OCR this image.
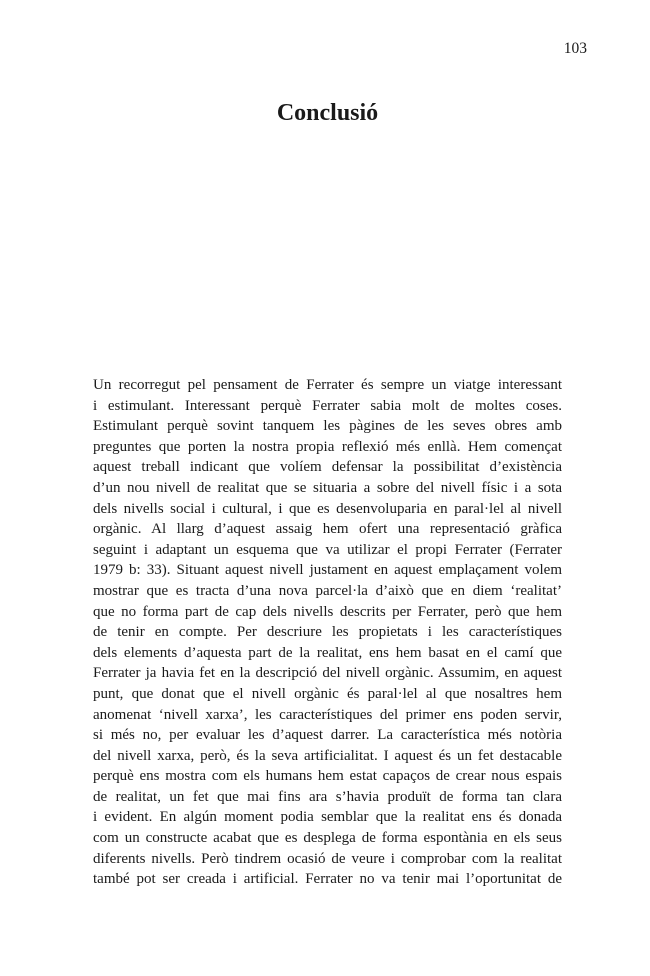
103
Conclusió
Un recorregut pel pensament de Ferrater és sempre un viatge interessant
i estimulant. Interessant perquè Ferrater sabia molt de moltes coses.
Estimulant perquè sovint tanquem les pàgines de les seves obres amb
preguntes que porten la nostra propia reflexió més enllà. Hem començat
aquest treball indicant que volíem defensar la possibilitat d’existència
d’un nou nivell de realitat que se situaria a sobre del nivell físic i a sota
dels nivells social i cultural, i que es desenvoluparia en paral·lel al nivell
orgànic. Al llarg d’aquest assaig hem ofert una representació gràfica
seguint i adaptant un esquema que va utilizar el propi Ferrater (Ferrater
1979 b: 33). Situant aquest nivell justament en aquest emplaçament volem
mostrar que es tracta d’una nova parcel·la d’això que en diem ‘realitat’
que no forma part de cap dels nivells descrits per Ferrater, però que hem
de tenir en compte. Per descriure les propietats i les característiques
dels elements d’aquesta part de la realitat, ens hem basat en el camí que
Ferrater ja havia fet en la descripció del nivell orgànic. Assumim, en aquest
punt, que donat que el nivell orgànic és paral·lel al que nosaltres hem
anomenat ‘nivell xarxa’, les característiques del primer ens poden servir,
si més no, per evaluar les d’aquest darrer. La característica més notòria
del nivell xarxa, però, és la seva artificialitat. I aquest és un fet destacable
perquè ens mostra com els humans hem estat capaços de crear nous espais
de realitat, un fet que mai fins ara s’havia produït de forma tan clara
i evident. En algún moment podia semblar que la realitat ens és donada
com un constructe acabat que es desplega de forma espontània en els seus
diferents nivells. Però tindrem ocasió de veure i comprobar com la realitat
també pot ser creada i artificial. Ferrater no va tenir mai l’oportunitat de
